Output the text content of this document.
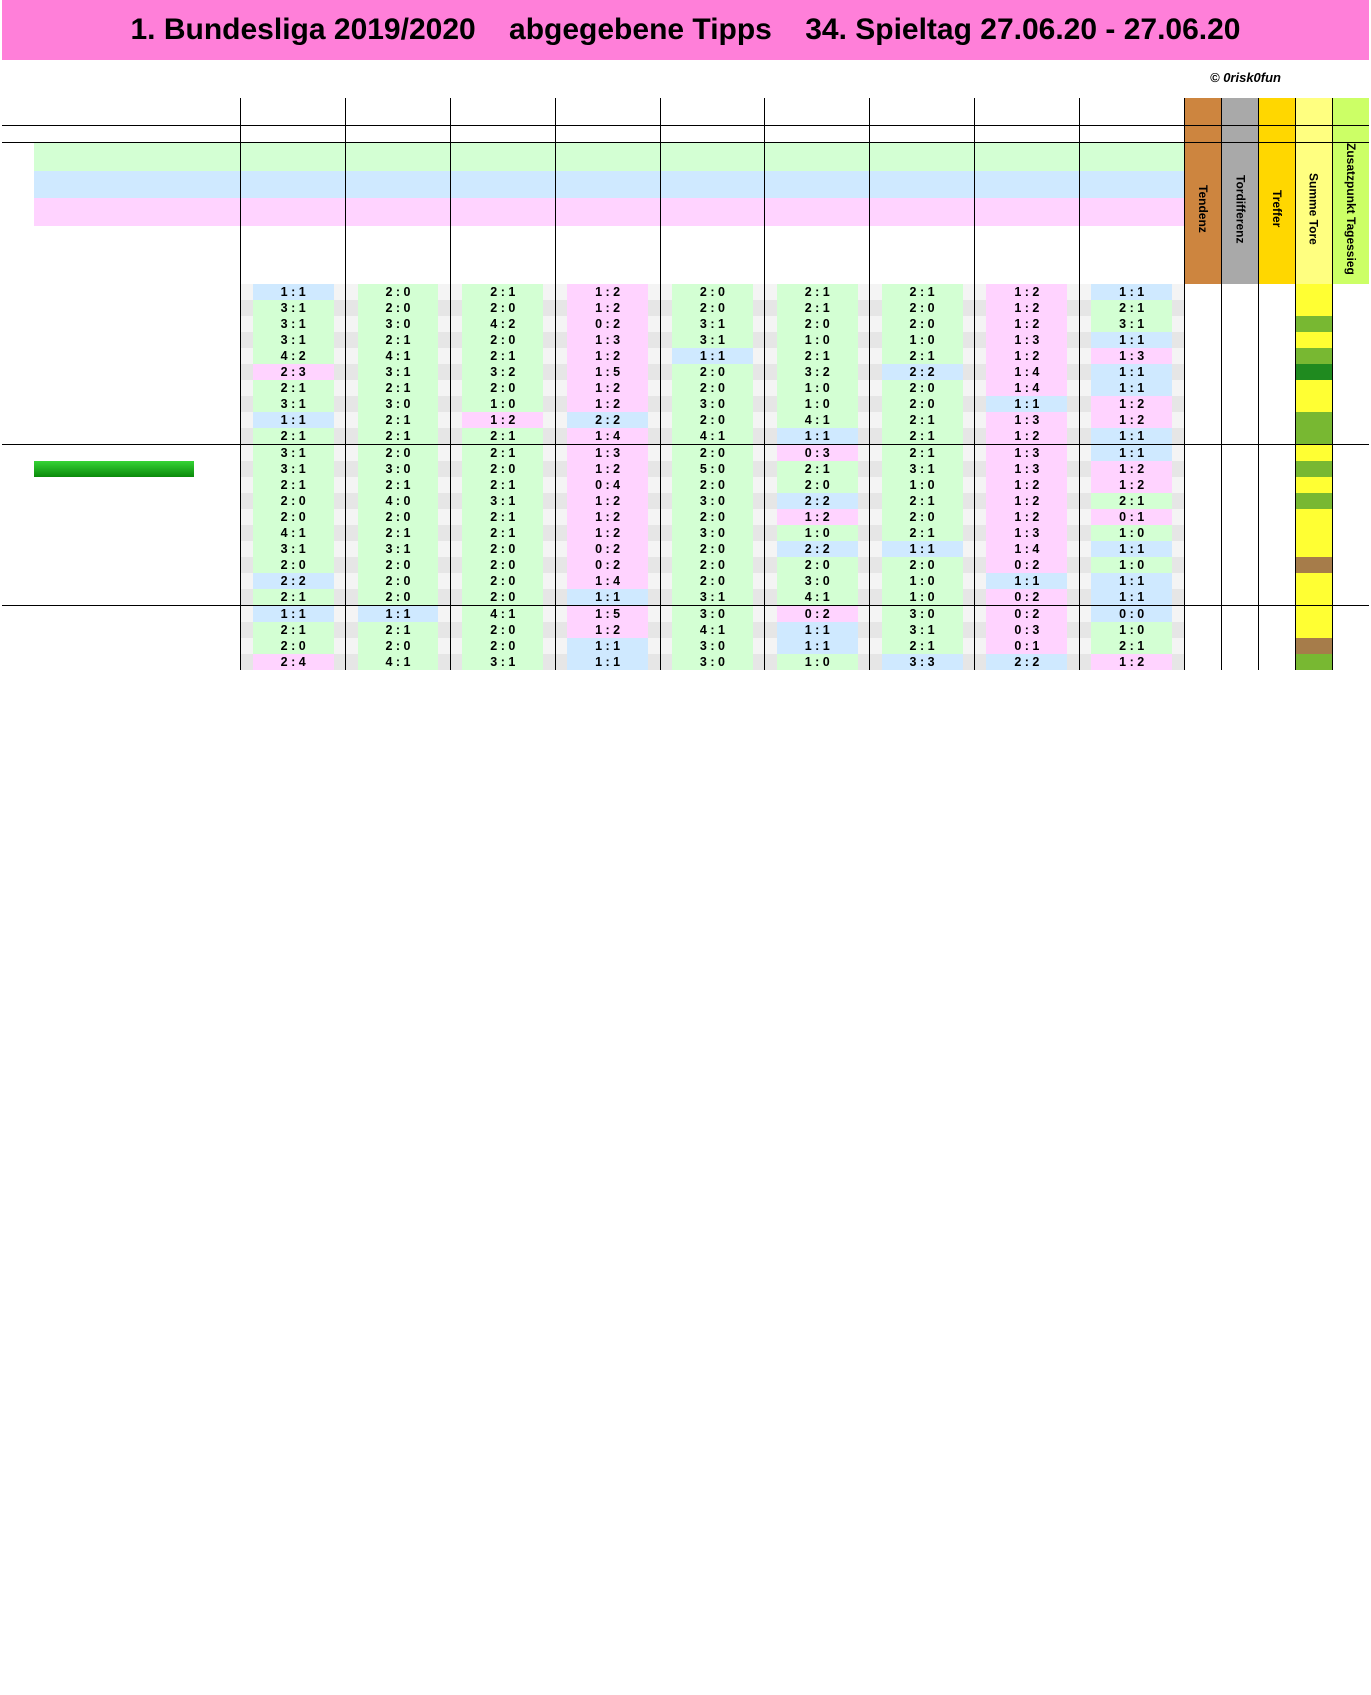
1. Bundesliga 2019/2020    abgegebene Tipps    34. Spieltag 27.06.20 - 27.06.20
© 0risk0fun

												Tendenz	Tordifferenz	Treffer	Summe Tore	Zusatzpunkt Tagessieg

			1 : 1	2 : 0	2 : 1	1 : 2	2 : 0	2 : 1	2 : 1	1 : 2	1 : 1					
			3 : 1	2 : 0	2 : 0	1 : 2	2 : 0	2 : 1	2 : 0	1 : 2	2 : 1					
			3 : 1	3 : 0	4 : 2	0 : 2	3 : 1	2 : 0	2 : 0	1 : 2	3 : 1					
			3 : 1	2 : 1	2 : 0	1 : 3	3 : 1	1 : 0	1 : 0	1 : 3	1 : 1					
			4 : 2	4 : 1	2 : 1	1 : 2	1 : 1	2 : 1	2 : 1	1 : 2	1 : 3					
			2 : 3	3 : 1	3 : 2	1 : 5	2 : 0	3 : 2	2 : 2	1 : 4	1 : 1					
			2 : 1	2 : 1	2 : 0	1 : 2	2 : 0	1 : 0	2 : 0	1 : 4	1 : 1					
			3 : 1	3 : 0	1 : 0	1 : 2	3 : 0	1 : 0	2 : 0	1 : 1	1 : 2					
			1 : 1	2 : 1	1 : 2	2 : 2	2 : 0	4 : 1	2 : 1	1 : 3	1 : 2					
			2 : 1	2 : 1	2 : 1	1 : 4	4 : 1	1 : 1	2 : 1	1 : 2	1 : 1					
			3 : 1	2 : 0	2 : 1	1 : 3	2 : 0	0 : 3	2 : 1	1 : 3	1 : 1					
			3 : 1	3 : 0	2 : 0	1 : 2	5 : 0	2 : 1	3 : 1	1 : 3	1 : 2					
			2 : 1	2 : 1	2 : 1	0 : 4	2 : 0	2 : 0	1 : 0	1 : 2	1 : 2					
			2 : 0	4 : 0	3 : 1	1 : 2	3 : 0	2 : 2	2 : 1	1 : 2	2 : 1					
			2 : 0	2 : 0	2 : 1	1 : 2	2 : 0	1 : 2	2 : 0	1 : 2	0 : 1					
			4 : 1	2 : 1	2 : 1	1 : 2	3 : 0	1 : 0	2 : 1	1 : 3	1 : 0					
			3 : 1	3 : 1	2 : 0	0 : 2	2 : 0	2 : 2	1 : 1	1 : 4	1 : 1					
			2 : 0	2 : 0	2 : 0	0 : 2	2 : 0	2 : 0	2 : 0	0 : 2	1 : 0					
			2 : 2	2 : 0	2 : 0	1 : 4	2 : 0	3 : 0	1 : 0	1 : 1	1 : 1					
			2 : 1	2 : 0	2 : 0	1 : 1	3 : 1	4 : 1	1 : 0	0 : 2	1 : 1					
			1 : 1	1 : 1	4 : 1	1 : 5	3 : 0	0 : 2	3 : 0	0 : 2	0 : 0					
			2 : 1	2 : 1	2 : 0	1 : 2	4 : 1	1 : 1	3 : 1	0 : 3	1 : 0					
			2 : 0	2 : 0	2 : 0	1 : 1	3 : 0	1 : 1	2 : 1	0 : 1	2 : 1					
			2 : 4	4 : 1	3 : 1	1 : 1	3 : 0	1 : 0	3 : 3	2 : 2	1 : 2					
